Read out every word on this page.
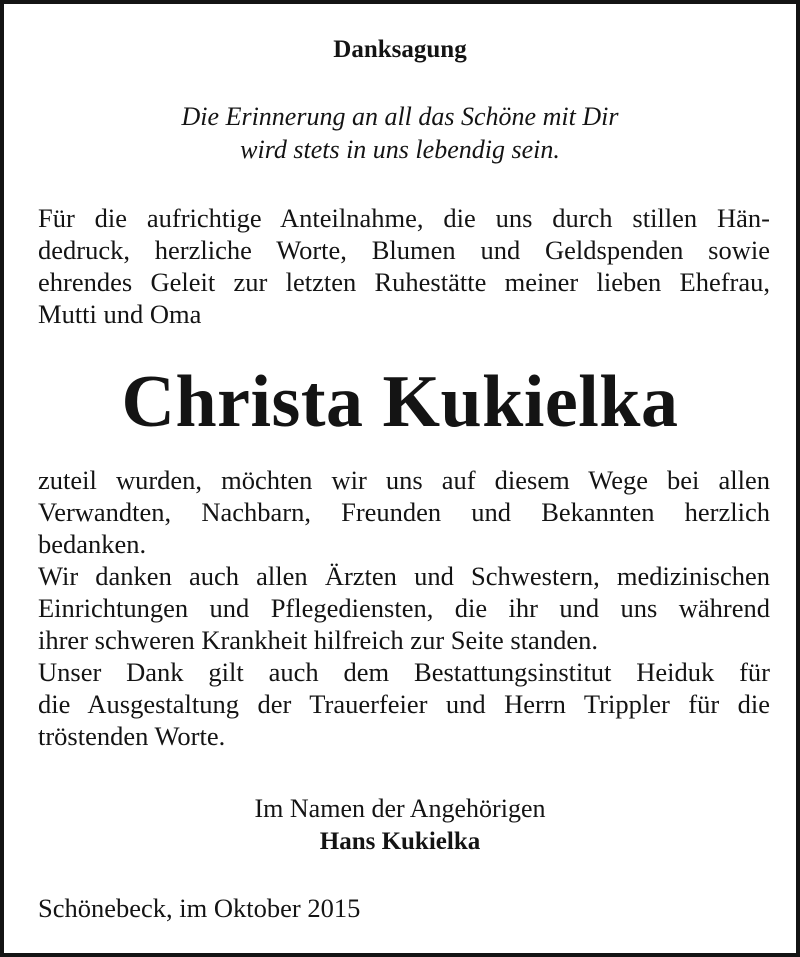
Danksagung
Die Erinnerung an all das Schöne mit Dir
wird stets in uns lebendig sein.
Für die aufrichtige Anteilnahme, die uns durch stillen Hän-
dedruck, herzliche Worte, Blumen und Geldspenden sowie
ehrendes Geleit zur letzten Ruhestätte meiner lieben Ehefrau,
Mutti und Oma
Christa Kukielka
zuteil wurden, möchten wir uns auf diesem Wege bei allen
Verwandten, Nachbarn, Freunden und Bekannten herzlich
bedanken.
Wir danken auch allen Ärzten und Schwestern, medizinischen
Einrichtungen und Pflegediensten, die ihr und uns während
ihrer schweren Krankheit hilfreich zur Seite standen.
Unser Dank gilt auch dem Bestattungsinstitut Heiduk für
die Ausgestaltung der Trauerfeier und Herrn Trippler für die
tröstenden Worte.
Im Namen der Angehörigen
Hans Kukielka
Schönebeck, im Oktober 2015
